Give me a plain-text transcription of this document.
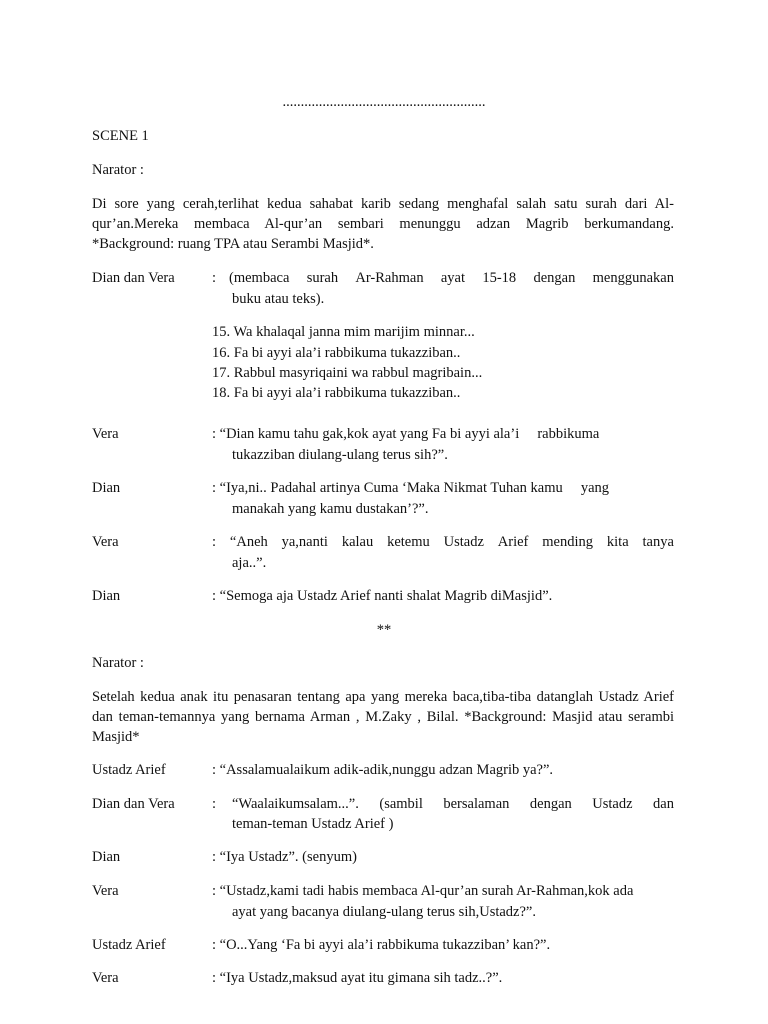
........................................................
SCENE 1
Narator :
Di sore yang cerah,terlihat kedua sahabat karib sedang menghafal salah satu surah dari Al-qur’an.Mereka membaca Al-qur’an sembari menunggu adzan Magrib berkumandang. *Background: ruang TPA atau Serambi Masjid*.
Dian dan Vera	: (membaca surah Ar-Rahman ayat 15-18 dengan menggunakan
buku atau teks).
15. Wa khalaqal janna mim marijim minnar...
16. Fa bi ayyi ala’i rabbikuma tukazziban..
17. Rabbul masyriqaini wa rabbul magribain...
18. Fa bi ayyi ala’i rabbikuma tukazziban..
Vera	: “Dian kamu tahu gak,kok ayat yang Fa bi ayyi ala’i     rabbikuma
tukazziban diulang-ulang terus sih?”.
Dian	: “Iya,ni.. Padahal artinya Cuma ‘Maka Nikmat Tuhan kamu     yang
manakah yang kamu dustakan’?”.
Vera	: “Aneh ya,nanti kalau ketemu Ustadz Arief mending kita tanya
aja..”.
Dian	: “Semoga aja Ustadz Arief nanti shalat Magrib diMasjid”.
**
Narator :
Setelah kedua anak itu penasaran tentang apa yang mereka baca,tiba-tiba datanglah Ustadz Arief dan teman-temannya yang bernama Arman , M.Zaky , Bilal. *Background: Masjid atau serambi Masjid*
Ustadz Arief	: “Assalamualaikum adik-adik,nunggu adzan Magrib ya?”.
Dian dan Vera	: “Waalaikumsalam...”. (sambil bersalaman dengan Ustadz dan
teman-teman Ustadz Arief )
Dian	: “Iya Ustadz”. (senyum)
Vera	: “Ustadz,kami tadi habis membaca Al-qur’an surah Ar-Rahman,kok ada
ayat yang bacanya diulang-ulang terus sih,Ustadz?”.
Ustadz Arief	: “O...Yang ‘Fa bi ayyi ala’i rabbikuma tukazziban’ kan?”.
Vera	: “Iya Ustadz,maksud ayat itu gimana sih tadz..?”.
